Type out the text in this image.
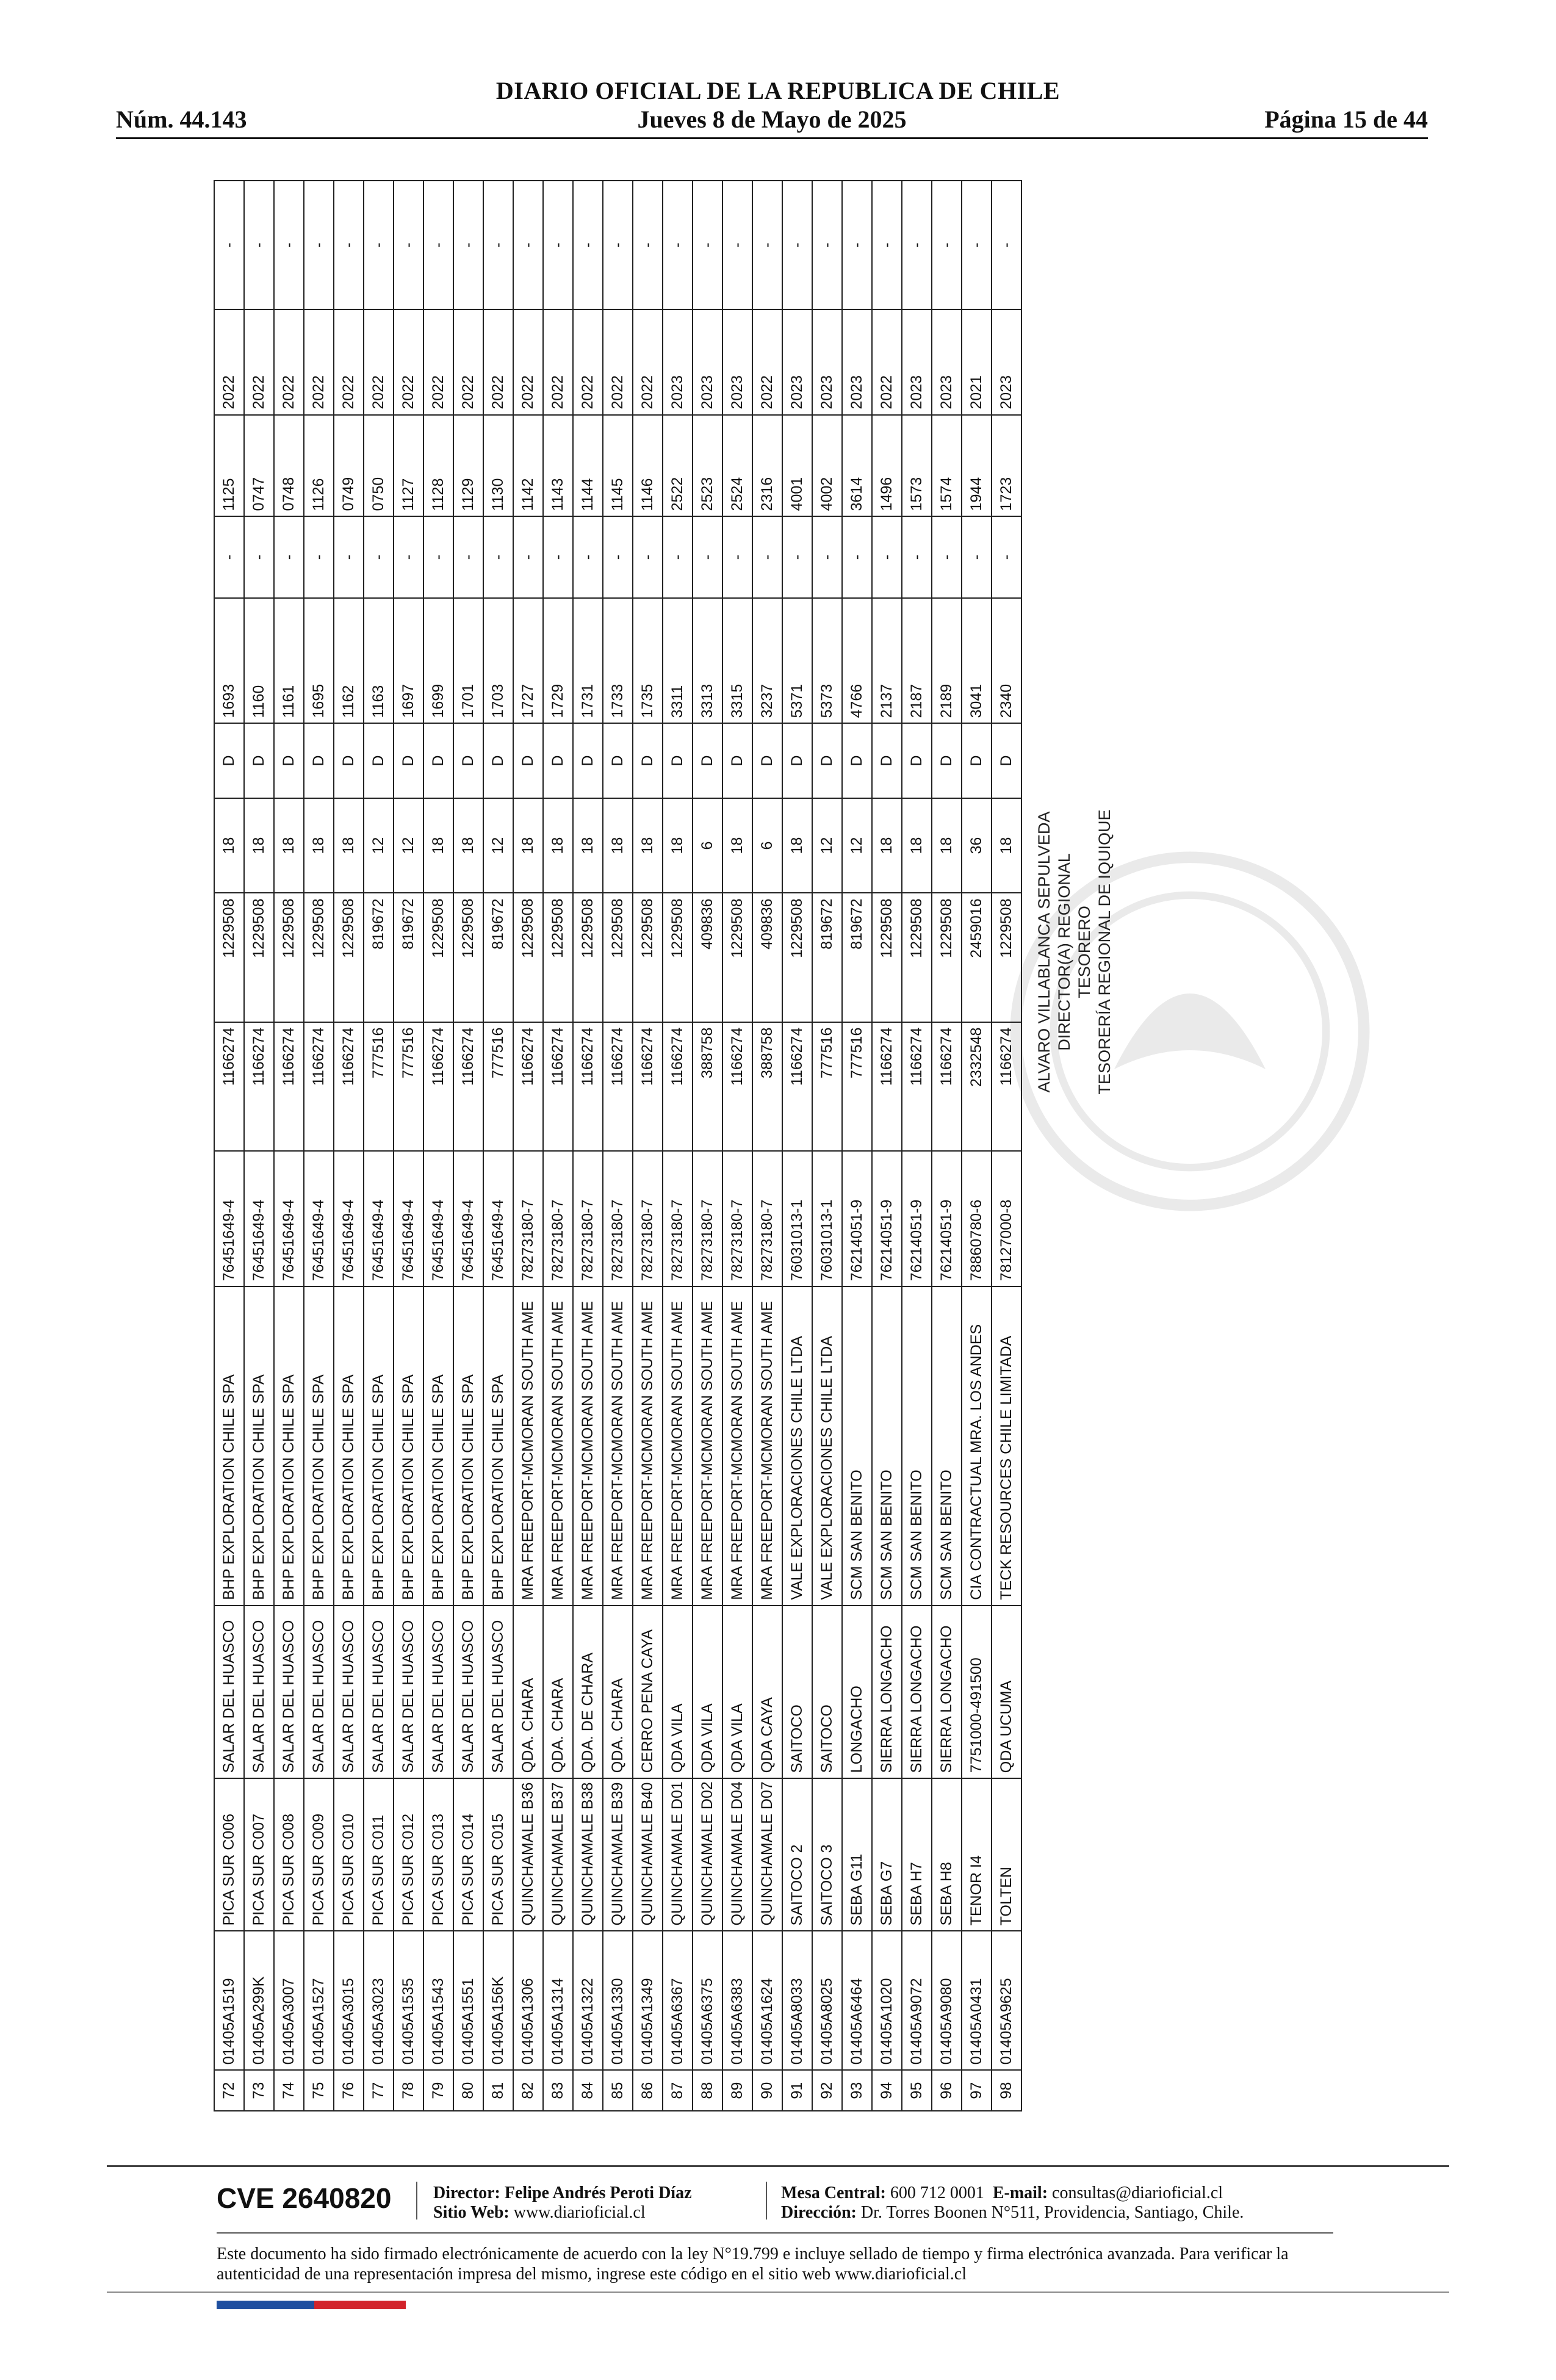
DIARIO OFICIAL DE LA REPUBLICA DE CHILE
Núm. 44.143	Jueves 8 de Mayo de 2025	Página 15 de 44
72	01405A1519	PICA SUR C006	SALAR DEL HUASCO	BHP EXPLORATION CHILE SPA	76451649-4	1166274	1229508	18	D	1693	-	1125	2022	-
73	01405A299K	PICA SUR C007	SALAR DEL HUASCO	BHP EXPLORATION CHILE SPA	76451649-4	1166274	1229508	18	D	1160	-	0747	2022	-
74	01405A3007	PICA SUR C008	SALAR DEL HUASCO	BHP EXPLORATION CHILE SPA	76451649-4	1166274	1229508	18	D	1161	-	0748	2022	-
75	01405A1527	PICA SUR C009	SALAR DEL HUASCO	BHP EXPLORATION CHILE SPA	76451649-4	1166274	1229508	18	D	1695	-	1126	2022	-
76	01405A3015	PICA SUR C010	SALAR DEL HUASCO	BHP EXPLORATION CHILE SPA	76451649-4	1166274	1229508	18	D	1162	-	0749	2022	-
77	01405A3023	PICA SUR C011	SALAR DEL HUASCO	BHP EXPLORATION CHILE SPA	76451649-4	777516	819672	12	D	1163	-	0750	2022	-
78	01405A1535	PICA SUR C012	SALAR DEL HUASCO	BHP EXPLORATION CHILE SPA	76451649-4	777516	819672	12	D	1697	-	1127	2022	-
79	01405A1543	PICA SUR C013	SALAR DEL HUASCO	BHP EXPLORATION CHILE SPA	76451649-4	1166274	1229508	18	D	1699	-	1128	2022	-
80	01405A1551	PICA SUR C014	SALAR DEL HUASCO	BHP EXPLORATION CHILE SPA	76451649-4	1166274	1229508	18	D	1701	-	1129	2022	-
81	01405A156K	PICA SUR C015	SALAR DEL HUASCO	BHP EXPLORATION CHILE SPA	76451649-4	777516	819672	12	D	1703	-	1130	2022	-
82	01405A1306	QUINCHAMALE B36	QDA. CHARA	MRA FREEPORT-MCMORAN SOUTH AME	78273180-7	1166274	1229508	18	D	1727	-	1142	2022	-
83	01405A1314	QUINCHAMALE B37	QDA. CHARA	MRA FREEPORT-MCMORAN SOUTH AME	78273180-7	1166274	1229508	18	D	1729	-	1143	2022	-
84	01405A1322	QUINCHAMALE B38	QDA. DE CHARA	MRA FREEPORT-MCMORAN SOUTH AME	78273180-7	1166274	1229508	18	D	1731	-	1144	2022	-
85	01405A1330	QUINCHAMALE B39	QDA. CHARA	MRA FREEPORT-MCMORAN SOUTH AME	78273180-7	1166274	1229508	18	D	1733	-	1145	2022	-
86	01405A1349	QUINCHAMALE B40	CERRO PENA CAYA	MRA FREEPORT-MCMORAN SOUTH AME	78273180-7	1166274	1229508	18	D	1735	-	1146	2022	-
87	01405A6367	QUINCHAMALE D01	QDA VILA	MRA FREEPORT-MCMORAN SOUTH AME	78273180-7	1166274	1229508	18	D	3311	-	2522	2023	-
88	01405A6375	QUINCHAMALE D02	QDA VILA	MRA FREEPORT-MCMORAN SOUTH AME	78273180-7	388758	409836	6	D	3313	-	2523	2023	-
89	01405A6383	QUINCHAMALE D04	QDA VILA	MRA FREEPORT-MCMORAN SOUTH AME	78273180-7	1166274	1229508	18	D	3315	-	2524	2023	-
90	01405A1624	QUINCHAMALE D07	QDA CAYA	MRA FREEPORT-MCMORAN SOUTH AME	78273180-7	388758	409836	6	D	3237	-	2316	2022	-
91	01405A8033	SAITOCO 2	SAITOCO	VALE EXPLORACIONES CHILE LTDA	76031013-1	1166274	1229508	18	D	5371	-	4001	2023	-
92	01405A8025	SAITOCO 3	SAITOCO	VALE EXPLORACIONES CHILE LTDA	76031013-1	777516	819672	12	D	5373	-	4002	2023	-
93	01405A6464	SEBA G11	LONGACHO	SCM SAN BENITO	76214051-9	777516	819672	12	D	4766	-	3614	2023	-
94	01405A1020	SEBA G7	SIERRA LONGACHO	SCM SAN BENITO	76214051-9	1166274	1229508	18	D	2137	-	1496	2022	-
95	01405A9072	SEBA H7	SIERRA LONGACHO	SCM SAN BENITO	76214051-9	1166274	1229508	18	D	2187	-	1573	2023	-
96	01405A9080	SEBA H8	SIERRA LONGACHO	SCM SAN BENITO	76214051-9	1166274	1229508	18	D	2189	-	1574	2023	-
97	01405A0431	TENOR I4	7751000-491500	CIA CONTRACTUAL MRA. LOS ANDES	78860780-6	2332548	2459016	36	D	3041	-	1944	2021	-
98	01405A9625	TOLTEN	QDA UCUMA	TECK RESOURCES CHILE LIMITADA	78127000-8	1166274	1229508	18	D	2340	-	1723	2023	-
ALVARO VILLABLANCA SEPULVEDA DIRECTOR(A) REGIONAL TESORERO TESORERÍA REGIONAL DE IQUIQUE
CVE 2640820 Director: Felipe Andrés Peroti Díaz
Sitio Web: www.diarioficial.cl
Mesa Central: 600 712 0001 E-mail: consultas@diarioficial.cl
Dirección: Dr. Torres Boonen N°511, Providencia, Santiago, Chile.
Este documento ha sido firmado electrónicamente de acuerdo con la ley N°19.799 e incluye sellado de tiempo y firma electrónica avanzada. Para verificar la autenticidad de una representación impresa del mismo, ingrese este código en el sitio web www.diarioficial.cl
